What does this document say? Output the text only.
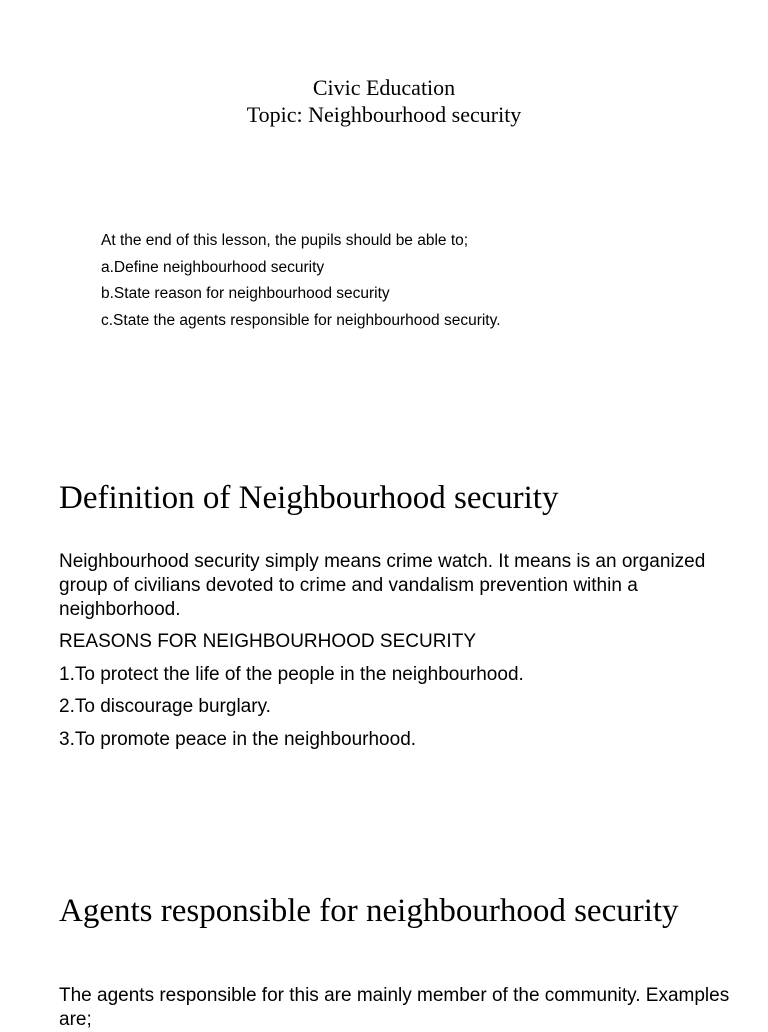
Civic Education
Topic: Neighbourhood security
At the end of this lesson, the pupils should be able to;
a.Define neighbourhood security
b.State reason for neighbourhood security
c.State the agents responsible for neighbourhood security.
Definition of Neighbourhood security

Neighbourhood security simply means crime watch. It means is an organized group of civilians devoted to crime and vandalism prevention within a neighborhood.

REASONS FOR NEIGHBOURHOOD SECURITY
1.To protect the life of the people in the neighbourhood.
2.To discourage burglary.
3.To promote peace in the neighbourhood.
Agents responsible for neighbourhood security

The agents responsible for this are mainly member of the community. Examples are;
